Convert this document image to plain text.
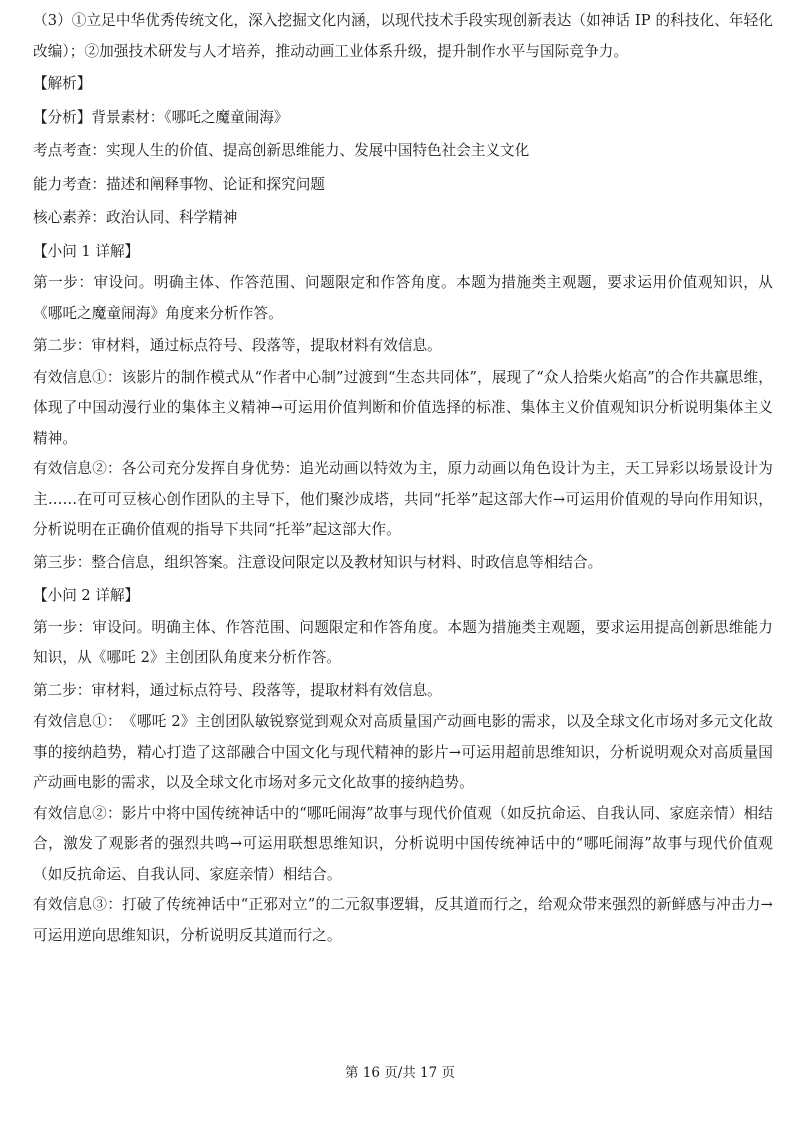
（3）①立足中华优秀传统文化，深入挖掘文化内涵，以现代技术手段实现创新表达（如神话 IP 的科技化、年轻化改编）；②加强技术研发与人才培养，推动动画工业体系升级，提升制作水平与国际竞争力。

【解析】

【分析】背景素材：《哪吒之魔童闹海》

考点考查：实现人生的价值、提高创新思维能力、发展中国特色社会主义文化

能力考查：描述和阐释事物、论证和探究问题

核心素养：政治认同、科学精神

【小问 1 详解】

第一步：审设问。明确主体、作答范围、问题限定和作答角度。本题为措施类主观题，要求运用价值观知识，从《哪吒之魔童闹海》角度来分析作答。

第二步：审材料，通过标点符号、段落等，提取材料有效信息。

有效信息①：该影片的制作模式从“作者中心制”过渡到“生态共同体”，展现了“众人拾柴火焰高”的合作共赢思维，体现了中国动漫行业的集体主义精神→可运用价值判断和价值选择的标准、集体主义价值观知识分析说明集体主义精神。

有效信息②：各公司充分发挥自身优势：追光动画以特效为主，原力动画以角色设计为主，天工异彩以场景设计为主……在可可豆核心创作团队的主导下，他们聚沙成塔，共同“托举”起这部大作→可运用价值观的导向作用知识，分析说明在正确价值观的指导下共同“托举”起这部大作。

第三步：整合信息，组织答案。注意设问限定以及教材知识与材料、时政信息等相结合。

【小问 2 详解】

第一步：审设问。明确主体、作答范围、问题限定和作答角度。本题为措施类主观题，要求运用提高创新思维能力知识，从《哪吒 2》主创团队角度来分析作答。

第二步：审材料，通过标点符号、段落等，提取材料有效信息。

有效信息①：　《哪吒 2》主创团队敏锐察觉到观众对高质量国产动画电影的需求，以及全球文化市场对多元文化故事的接纳趋势，精心打造了这部融合中国文化与现代精神的影片→可运用超前思维知识，分析说明观众对高质量国产动画电影的需求，以及全球文化市场对多元文化故事的接纳趋势。

有效信息②：影片中将中国传统神话中的“哪吒闹海”故事与现代价值观（如反抗命运、自我认同、家庭亲情）相结合，激发了观影者的强烈共鸣→可运用联想思维知识，分析说明中国传统神话中的“哪吒闹海”故事与现代价值观（如反抗命运、自我认同、家庭亲情）相结合。

有效信息③：打破了传统神话中“正邪对立”的二元叙事逻辑，反其道而行之，给观众带来强烈的新鲜感与冲击力→可运用逆向思维知识，分析说明反其道而行之。

第 16 页/共 17 页
